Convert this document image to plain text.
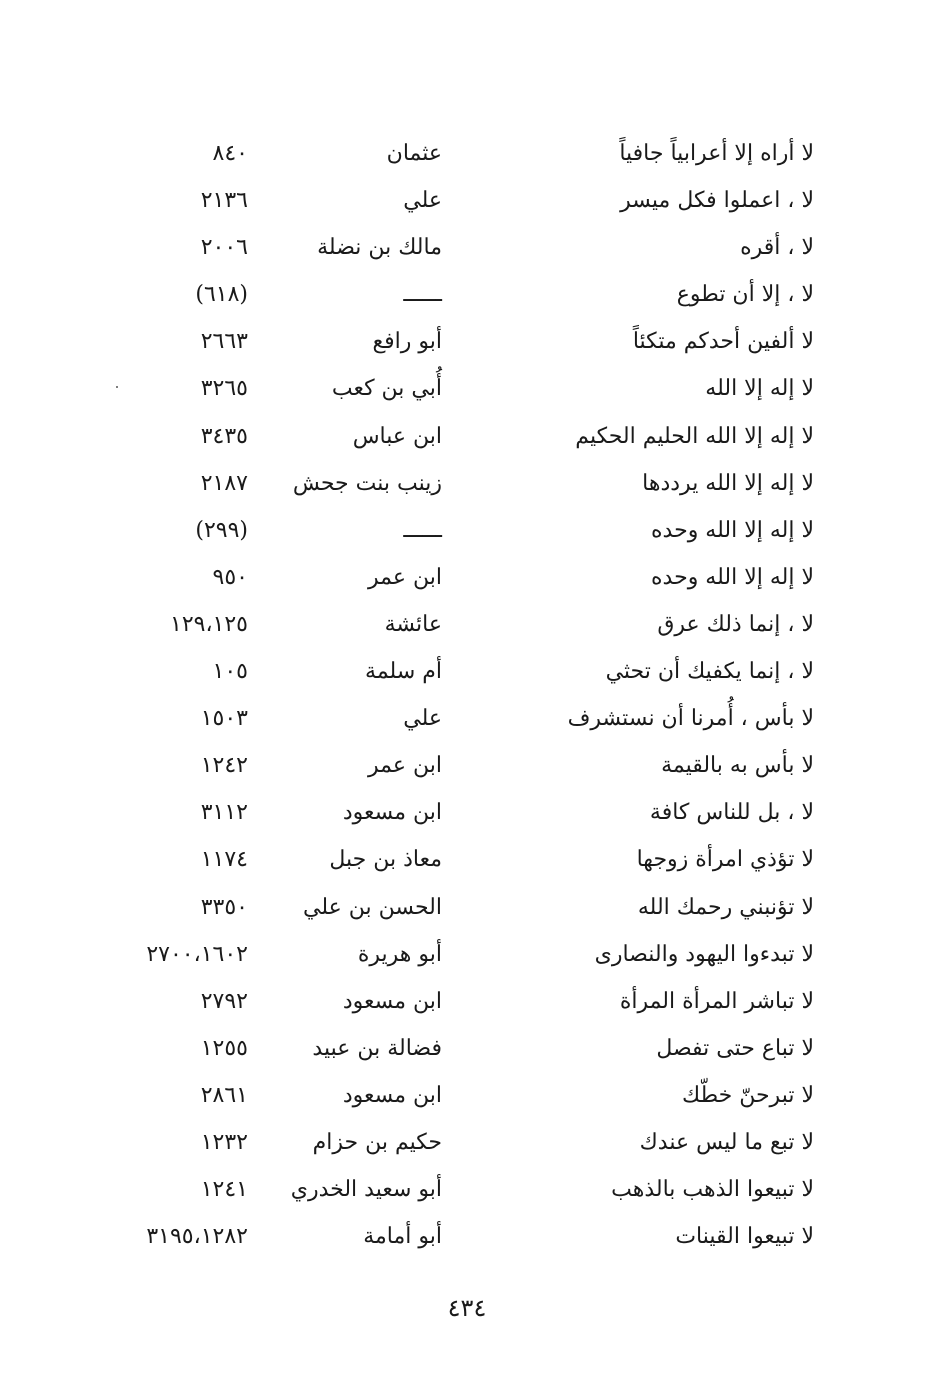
لا أراه إلا أعرابياً جافياً
عثمان
٨٤٠
لا ، اعملوا فكل ميسر
علي
٢١٣٦
لا ، أقره
مالك بن نضلة
٢٠٠٦
لا ، إلا أن تطوع
ــــــ
(٦١٨)
لا ألفين أحدكم متكئاً
أبو رافع
٢٦٦٣
لا إله إلا الله
أُبي بن كعب
٣٢٦٥
لا إله إلا الله الحليم الحكيم
ابن عباس
٣٤٣٥
لا إله إلا الله يرددها
زينب بنت جحش
٢١٨٧
لا إله إلا الله وحده
ــــــ
(٢٩٩)
لا إله إلا الله وحده
ابن عمر
٩٥٠
لا ، إنما ذلك عرق
عائشة
١٢٩،١٢٥
لا ، إنما يكفيك أن تحثي
أم سلمة
١٠٥
لا بأس ، أُمرنا أن نستشرف
علي
١٥٠٣
لا بأس به بالقيمة
ابن عمر
١٢٤٢
لا ، بل للناس كافة
ابن مسعود
٣١١٢
لا تؤذي امرأة زوجها
معاذ بن جبل
١١٧٤
لا تؤنبني رحمك الله
الحسن بن علي
٣٣٥٠
لا تبدءوا اليهود والنصارى
أبو هريرة
٢٧٠٠،١٦٠٢
لا تباشر المرأة المرأة
ابن مسعود
٢٧٩٢
لا تباع حتى تفصل
فضالة بن عبيد
١٢٥٥
لا تبرحنّ خطّك
ابن مسعود
٢٨٦١
لا تبع ما ليس عندك
حكيم بن حزام
١٢٣٢
لا تبيعوا الذهب بالذهب
أبو سعيد الخدري
١٢٤١
لا تبيعوا القينات
أبو أمامة
٣١٩٥،١٢٨٢
٤٣٤
